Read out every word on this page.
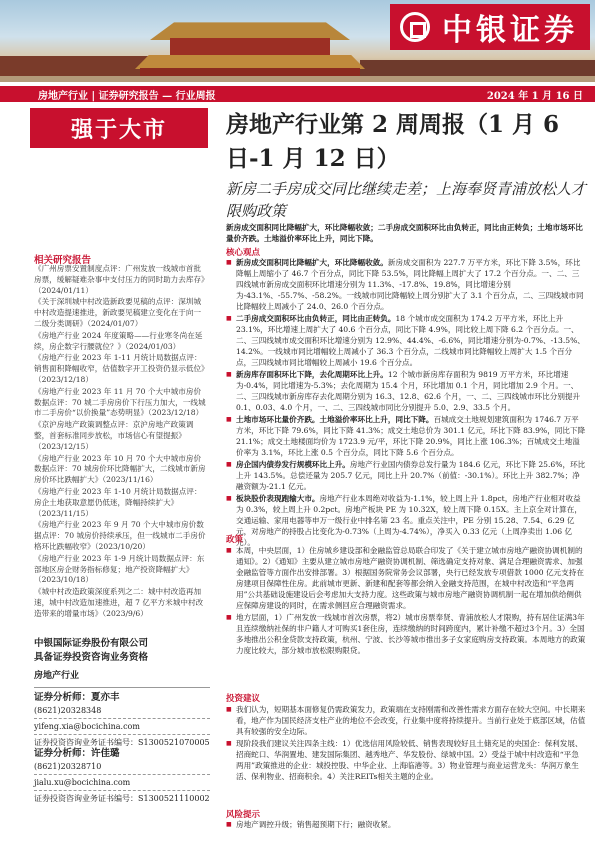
中银证券
房地产行业 | 证券研究报告 — 行业周报	2024 年 1 月 16 日
强于大市	房地产行业第 2 周周报（1 月 6 日-1 月 12 日）
新房二手房成交同比继续走差；上海奉贤青浦放松人才限购政策
相关研究报告

《广州房票安置制度点评：广州发放一线城市首批房票，缓解疑难杂事中支付压力的同时助力去库存》（2024/01/11）

《关于深圳城中村改造新政要见稿的点评：深圳城中村改造提速推进，新政要见稿建立变化在于向一二级分类调研》（2024/01/07）

《房地产行业 2024 年度策略——行业寒冬尚在延续，房企数字行腰就位？》（2024/01/03）

《房地产行业 2023 年 1-11 月统计局数据点评：销售面积降幅收窄，估值数字开工投资仍显示低位》（2023/12/18）

《房地产行业 2023 年 11 月 70 个大中城市房价数据点评：70 城二手房房价下行压力加大，一线城市二手房价“以价换量”态势明显》（2023/12/18）

《京沪房地产政策调整点评：京沪房地产政策调整，首套标准同步放松，市场信心有望提振》（2023/12/15）

《房地产行业 2023 年 10 月 70 个大中城市房价数据点评：70 城房价环比降幅扩大，二线城市新房房价环比跌幅扩大》（2023/11/16）

《房地产行业 2023 年 1-10 月统计局数据点评：房企土地获取意愿仍低迷，降幅持续扩大》（2023/11/15）

《房地产行业 2023 年 9 月 70 个大中城市房价数据点评：70 城房价持续承压，但一线城市二手房价格环比跌幅收窄》（2023/10/20）

《房地产行业 2023 年 1-9 月统计局数据点评：东部地区房企财务指标修复；地产投资降幅扩大》（2023/10/18）

《城中村改造政策深度系列之二：城中村改造再加速，城中村改造加速推进，超 7 亿平方米城中村改造带来的增量市场》（2023/9/6）

中银国际证券股份有限公司
具备证券投资咨询业务资格
房地产行业
证券分析师：夏亦丰
(8621)20328348
yifeng.xia@bocichina.com
证券投资咨询业务证书编号：S1300521070005
证券分析师：许佳璐
(8621)20328710
jialu.xu@bocichina.com
证券投资咨询业务证书编号：S1300521110002
新房成交面积同比降幅扩大，环比降幅收敛；二手房成交面积环比由负转正，同比由正转负；土地市场环比量价齐跌。土地溢价率环比上升，同比下降。
核心观点

■ 新房成交面积同比降幅扩大，环比降幅收敛。新房成交面积为 227.7 万平方米，环比下降 3.5%，环比降幅上周缩小了 46.7 个百分点，同比下降 53.5%，同比降幅上周扩大了 17.2 个百分点。一、二、三四线城市新房成交面积环比增速分别为 11.3%、-17.8%、19.8%，同比增速分别为-43.1%、-55.7%、-58.2%。一线城市同比降幅较上周分别扩大了 3.1 个百分点，二、三四线城市同比降幅较上周减小了 24.0、26.0 个百分点。

■ 二手房成交面积环比由负转正，同比由正转负。18 个城市成交面积为 174.2 万平方米，环比上升 23.1%，环比增速上周扩大了 40.6 个百分点，同比下降 4.9%，同比较上周下降 6.2 个百分点。一、二、三四线城市成交面积环比增速分别为 12.9%、44.4%、-6.6%，同比增速分别为-0.7%、-13.5%、14.2%。一线城市同比增幅较上周减小了 36.3 个百分点，二线城市同比降幅较上周扩大 1.5 个百分点，三四线城市同比增幅较上周减小 19.6 个百分点。

■ 新房库存面积环比下降，去化周期环比上升。12 个城市新房库存面积为 9819 万平方米，环比增速为-0.4%，同比增速为-5.3%；去化周期为 15.4 个月，环比增加 0.1 个月，同比增加 2.9 个月。一、二、三四线城市新房库存去化周期分别为 16.3、12.8、62.6 个月，一、二、三四线城市环比分别提升 0.1、0.03、4.0 个月，一、二、三四线城市同比分别提升 5.0、2.9、33.5 个月。

■ 土地市场环比量价齐跌。土地溢价率环比上升，同比下降。百城成交土地规划建筑面积为 1746.7 万平方米，环比下降 79.6%，同比下降 41.3%；成交土地总价为 301.1 亿元，环比下降 83.9%，同比下降 21.1%；成交土地楼面均价为 1723.9 元/平，环比下降 20.9%，同比上涨 106.3%；百城成交土地溢价率为 3.1%，环比上涨 0.5 个百分点，同比下降 5.6 个百分点。

■ 房企国内债券发行规模环比上升。房地产行业国内债券总发行量为 184.6 亿元，环比下降 25.6%，环比上升 143.5%。总偿还量为 205.7 亿元，同比上升 20.7%（前值：-30.1%）。环比上升 382.7%；净融资额为-21.1 亿元。

■ 板块股价表现跑输大市。房地产行业本周绝对收益为-1.1%，较上周上升 1.8pct，房地产行业相对收益为 0.3%，较上周上升 0.2pct。房地产板块 PE 为 10.32X，较上周下降 0.15X。主上京全对计算在，交通运输、家用电器等申万一级行业中排名第 23 名。重点关注中，PE 分别 15.28、7.54、6.29 亿元，对房地产的持股占比变化为-0.73%（上周为-4.74%），净买入 0.33 亿元（上周净卖出 1.06 亿元）。

政策

■ 本周，中央层面，1）住房城乡建设部和金融监管总局联合印发了《关于建立城市房地产融资协调机制的通知》。2）《通知》主要从建立城市房地产融资协调机制、筛选确定支持对象、满足合理融资需求、加强金融监管等方面作出安排部署。3）根据国务院常务会议部署，央行已经发放专项借款 1000 亿元支持在房建项目保障性住房。此前城市更新、新建和配套等都会纳入金融支持范围，在城中村改造和“平急两用”公共基础设施建设后会考虑加大支持力度。这些政策与城市房地产融资协调机制一起在增加供给侧供应保障房建设的同时，在需求侧回应合理融资需求。

■ 地方层面，1）广州发放一线城市首次房票，将2）城市房票奉贤、青浦放松人才限购，持有居住证满3年且连续缴纳社保的非户籍人才可购买1套住房，连续缴纳的时间跨度内，累计补缴不超过3个月。3）全国多地推出公积金贷款支持政策，杭州、宁波、长沙等城市推出多子女家庭购房支持政策。本周地方的政策力度比较大，部分城市放松限购限贷。

投资建议

■ 我们认为，短期基本面修复仍需政策发力，政策端在支持刚需和改善性需求方面存在较大空间。中长期来看，地产作为国民经济支柱产业的地位不会改变，行业集中度将持续提升。当前行业处于底部区域，估值具有较强的安全边际。

■ 现阶段我们建议关注四条主线：1）优选信用风险较低、销售表现较好且土储充足的央国企：保利发展、招商蛇口、华润置地、建发国际集团、越秀地产、华发股份、绿城中国。2）受益于城中村改造和“平急两用”政策推进的企业：城投控股、中华企业、上海临港等。3）物业管理与商业运营龙头：华润万象生活、保利物业、招商积余。4）关注REITs相关主题的企业。

风险提示

■ 房地产调控升级；销售超预期下行；融资收紧。
